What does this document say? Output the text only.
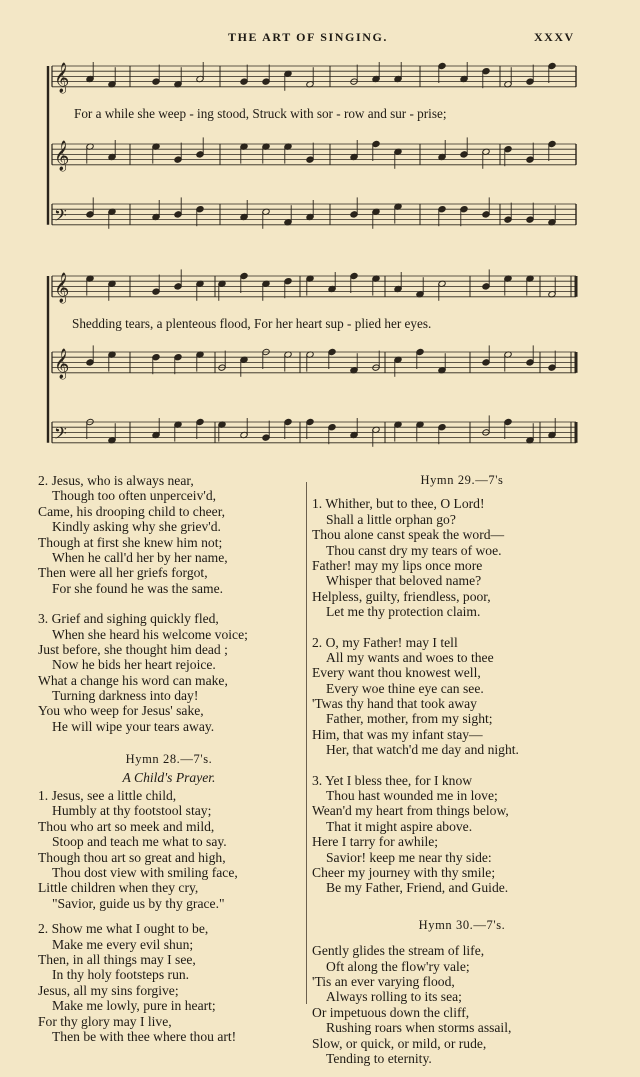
THE ART OF SINGING.	XXXV
𝄞
𝄞
𝄢
𝄞
𝄞
𝄢
For a while she weep - ing stood, Struck with sor - row and sur - prise;
Shedding tears, a plenteous flood, For her heart sup - plied her eyes.
2. Jesus, who is always near,
Though too often unperceiv'd,
Came, his drooping child to cheer,
Kindly asking why she griev'd.
Though at first she knew him not;
When he call'd her by her name,
Then were all her griefs forgot,
For she found he was the same.
3. Grief and sighing quickly fled,
When she heard his welcome voice;
Just before, she thought him dead ;
Now he bids her heart rejoice.
What a change his word can make,
Turning darkness into day!
You who weep for Jesus' sake,
He will wipe your tears away.
Hymn 28.—7's.
A Child's Prayer.
1. Jesus, see a little child,
Humbly at thy footstool stay;
Thou who art so meek and mild,
Stoop and teach me what to say.
Though thou art so great and high,
Thou dost view with smiling face,
Little children when they cry,
"Savior, guide us by thy grace."
2. Show me what I ought to be,
Make me every evil shun;
Then, in all things may I see,
In thy holy footsteps run.
Jesus, all my sins forgive;
Make me lowly, pure in heart;
For thy glory may I live,
Then be with thee where thou art!
Hymn 29.—7's
1. Whither, but to thee, O Lord!
Shall a little orphan go?
Thou alone canst speak the word—
Thou canst dry my tears of woe.
Father! may my lips once more
Whisper that beloved name?
Helpless, guilty, friendless, poor,
Let me thy protection claim.
2. O, my Father! may I tell
All my wants and woes to thee
Every want thou knowest well,
Every woe thine eye can see.
'Twas thy hand that took away
Father, mother, from my sight;
Him, that was my infant stay—
Her, that watch'd me day and night.
3. Yet I bless thee, for I know
Thou hast wounded me in love;
Wean'd my heart from things below,
That it might aspire above.
Here I tarry for awhile;
Savior! keep me near thy side:
Cheer my journey with thy smile;
Be my Father, Friend, and Guide.
Hymn 30.—7's.
Gently glides the stream of life,
Oft along the flow'ry vale;
'Tis an ever varying flood,
Always rolling to its sea;
Or impetuous down the cliff,
Rushing roars when storms assail,
Slow, or quick, or mild, or rude,
Tending to eternity.
